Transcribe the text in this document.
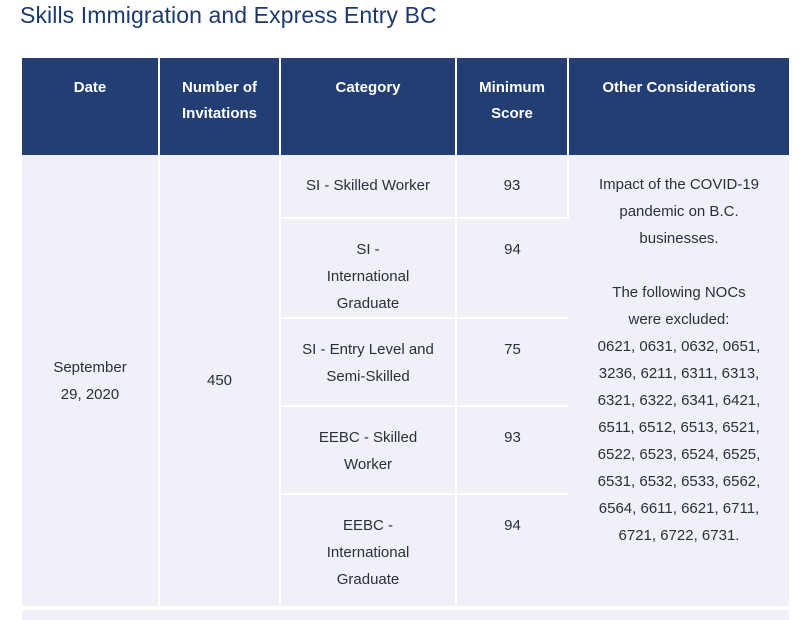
Skills Immigration and Express Entry BC
Date	Number of Invitations	Category	Minimum Score	Other Considerations

September 29, 2020	450	SI - Skilled Worker	93	Impact of the COVID-19 pandemic on B.C. businesses.
The following NOCs were excluded:
0621, 0631, 0632, 0651, 3236, 6211, 6311, 6313, 6321, 6322, 6341, 6421, 6511, 6512, 6513, 6521, 6522, 6523, 6524, 6525, 6531, 6532, 6533, 6562, 6564, 6611, 6621, 6711, 6721, 6722, 6731.

		SI - International Graduate	94	

		SI - Entry Level and Semi-Skilled	75	

		EEBC - Skilled Worker	93	

		EEBC - International Graduate	94	
